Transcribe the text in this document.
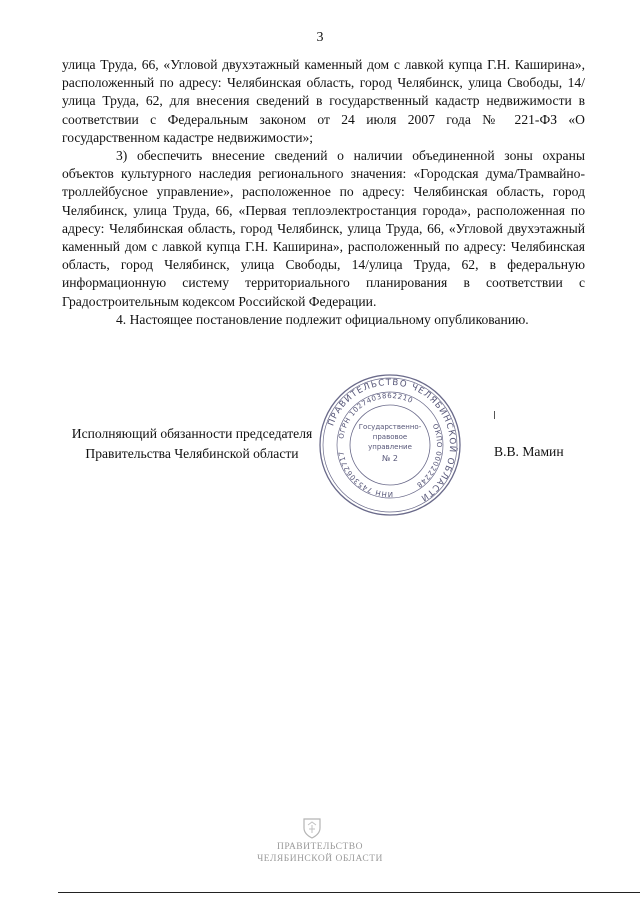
3

улица Труда, 66, «Угловой двухэтажный каменный дом с лавкой купца Г.Н. Каширина», расположенный по адресу: Челябинская область, город Челябинск, улица Свободы, 14/улица Труда, 62, для внесения сведений в государственный кадастр недвижимости в соответствии с Федеральным законом от 24 июля 2007 года № 221-ФЗ «О государственном кадастре недвижимости»;

3) обеспечить внесение сведений о наличии объединенной зоны охраны объектов культурного наследия регионального значения: «Городская дума/Трамвайно-троллейбусное управление», расположенное по адресу: Челябинская область, город Челябинск, улица Труда, 66, «Первая теплоэлектростанция города», расположенная по адресу: Челябинская область, город Челябинск, улица Труда, 66, «Угловой двухэтажный каменный дом с лавкой купца Г.Н. Каширина», расположенный по адресу: Челябинская область, город Челябинск, улица Свободы, 14/улица Труда, 62, в федеральную информационную систему территориального планирования в соответствии с Градостроительным кодексом Российской Федерации.

4. Настоящее постановление подлежит официальному опубликованию.

Исполняющий обязанности председателя
Правительства Челябинской области	В.В. Мамин
ПРАВИТЕЛЬСТВО ЧЕЛЯБИНСКОЙ ОБЛАСТИ
ОГРН 1027403862210
ОКПО 00022248
ИНН 7453062717
Государственно-
правовое
управление
№ 2
ПРАВИТЕЛЬСТВО
ЧЕЛЯБИНСКОЙ ОБЛАСТИ
